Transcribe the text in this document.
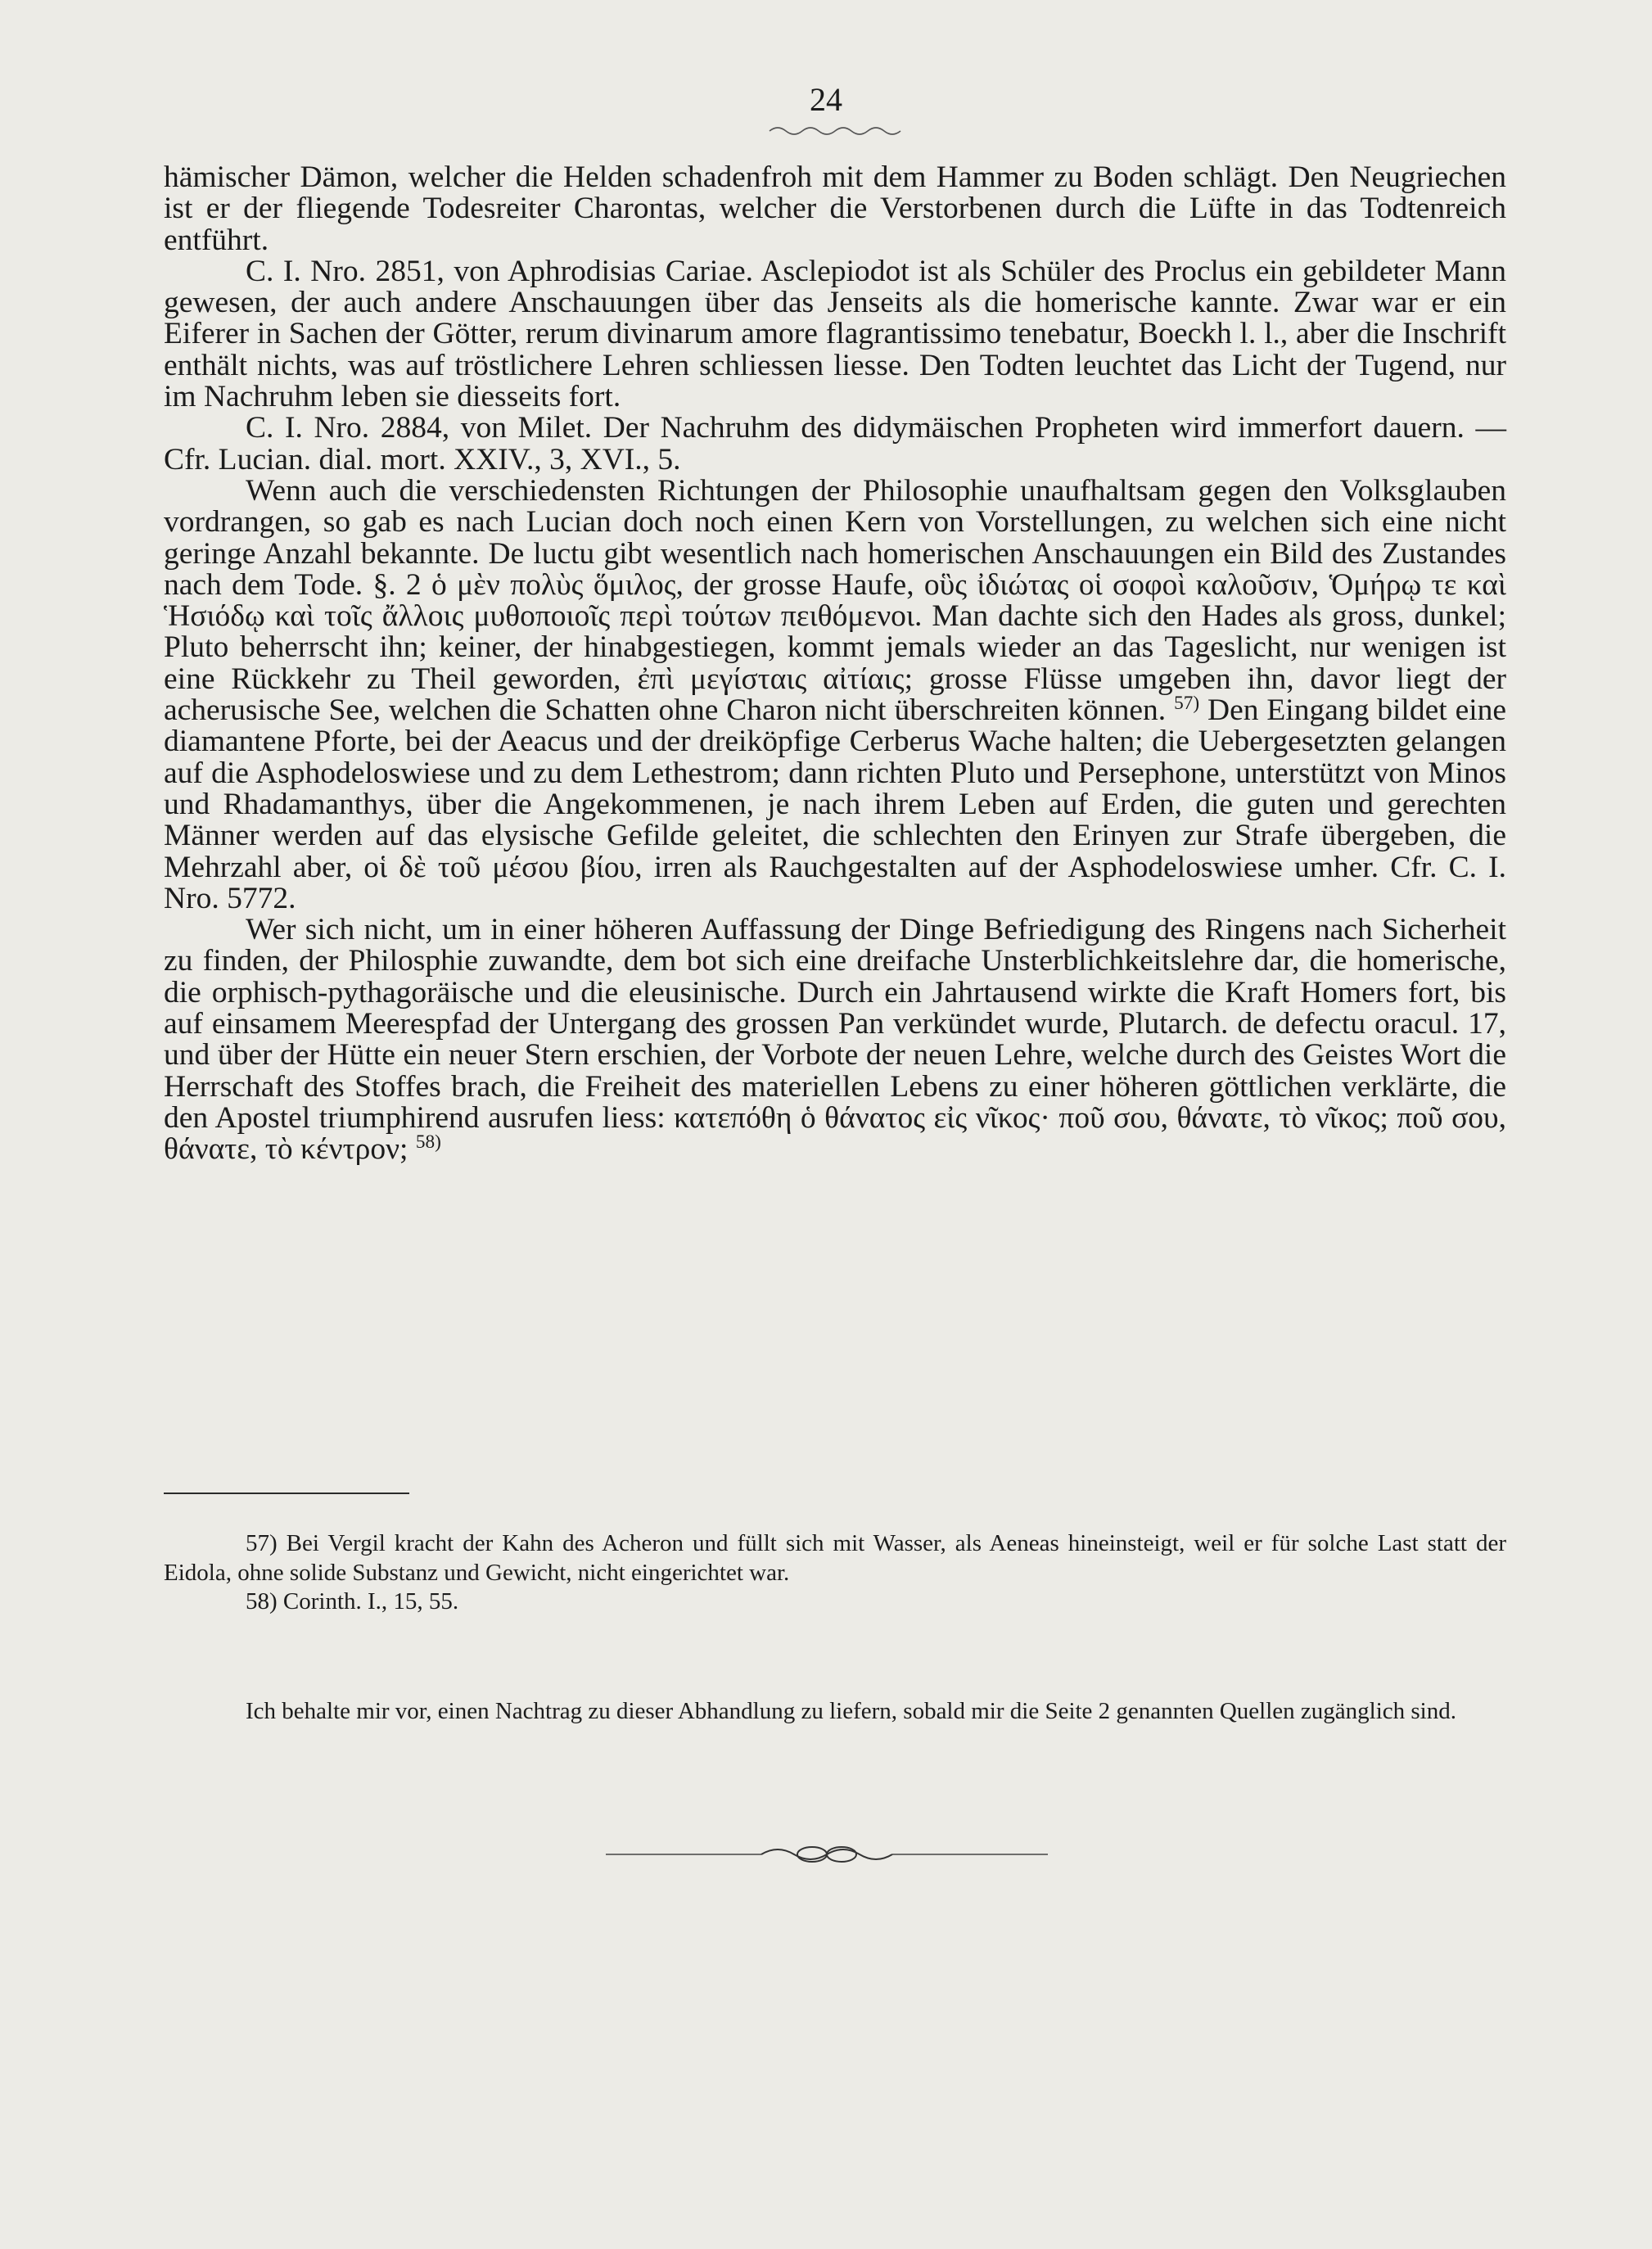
24

hämischer Dämon, welcher die Helden schadenfroh mit dem Hammer zu Boden schlägt. Den Neugriechen ist er der fliegende Todesreiter Charontas, welcher die Verstorbenen durch die Lüfte in das Todtenreich entführt.

C. I. Nro. 2851, von Aphrodisias Cariae. Asclepiodot ist als Schüler des Proclus ein gebildeter Mann gewesen, der auch andere Anschauungen über das Jenseits als die homerische kannte. Zwar war er ein Eiferer in Sachen der Götter, rerum divinarum amore flagrantissimo tenebatur, Boeckh l. l., aber die Inschrift enthält nichts, was auf tröstlichere Lehren schliessen liesse. Den Todten leuchtet das Licht der Tugend, nur im Nachruhm leben sie diesseits fort.

C. I. Nro. 2884, von Milet. Der Nachruhm des didymäischen Propheten wird immerfort dauern. — Cfr. Lucian. dial. mort. XXIV., 3, XVI., 5.

Wenn auch die verschiedensten Richtungen der Philosophie unaufhaltsam gegen den Volksglauben vordrangen, so gab es nach Lucian doch noch einen Kern von Vorstellungen, zu welchen sich eine nicht geringe Anzahl bekannte. De luctu gibt wesentlich nach homerischen Anschauungen ein Bild des Zustandes nach dem Tode. §. 2 ὁ μὲν πολὺς ὅμιλος, der grosse Haufe, οὓς ἰδιώτας οἱ σοφοὶ καλοῦσιν, Ὁμήρῳ τε καὶ Ἡσιόδῳ καὶ τοῖς ἄλλοις μυθοποιοῖς περὶ τούτων πειθόμενοι. Man dachte sich den Hades als gross, dunkel; Pluto beherrscht ihn; keiner, der hinabgestiegen, kommt jemals wieder an das Tageslicht, nur wenigen ist eine Rückkehr zu Theil geworden, ἐπὶ μεγίσταις αἰτίαις; grosse Flüsse umgeben ihn, davor liegt der acherusische See, welchen die Schatten ohne Charon nicht überschreiten können. $^{57)}$ Den Eingang bildet eine diamantene Pforte, bei der Aeacus und der dreiköpfige Cerberus Wache halten; die Uebergesetzten gelangen auf die Asphodeloswiese und zu dem Lethestrom; dann richten Pluto und Persephone, unterstützt von Minos und Rhadamanthys, über die Angekommenen, je nach ihrem Leben auf Erden, die guten und gerechten Männer werden auf das elysische Gefilde geleitet, die schlechten den Erinyen zur Strafe übergeben, die Mehrzahl aber, οἱ δὲ τοῦ μέσου βίου, irren als Rauchgestalten auf der Asphodeloswiese umher. Cfr. C. I. Nro. 5772.

Wer sich nicht, um in einer höheren Auffassung der Dinge Befriedigung des Ringens nach Sicherheit zu finden, der Philosphie zuwandte, dem bot sich eine dreifache Unsterblichkeitslehre dar, die homerische, die orphisch-pythagoräische und die eleusinische. Durch ein Jahrtausend wirkte die Kraft Homers fort, bis auf einsamem Meerespfad der Untergang des grossen Pan verkündet wurde, Plutarch. de defectu oracul. 17, und über der Hütte ein neuer Stern erschien, der Vorbote der neuen Lehre, welche durch des Geistes Wort die Herrschaft des Stoffes brach, die Freiheit des materiellen Lebens zu einer höheren göttlichen verklärte, die den Apostel triumphirend ausrufen liess: κατεπόθη ὁ θάνατος εἰς νῖκος· ποῦ σου, θάνατε, τὸ νῖκος; ποῦ σου, θάνατε, τὸ κέντρον; $^{58)}$

57) Bei Vergil kracht der Kahn des Acheron und füllt sich mit Wasser, als Aeneas hineinsteigt, weil er für solche Last statt der Eidola, ohne solide Substanz und Gewicht, nicht eingerichtet war.

58) Corinth. I., 15, 55.

Ich behalte mir vor, einen Nachtrag zu dieser Abhandlung zu liefern, sobald mir die Seite 2 genannten Quellen zugänglich sind.
